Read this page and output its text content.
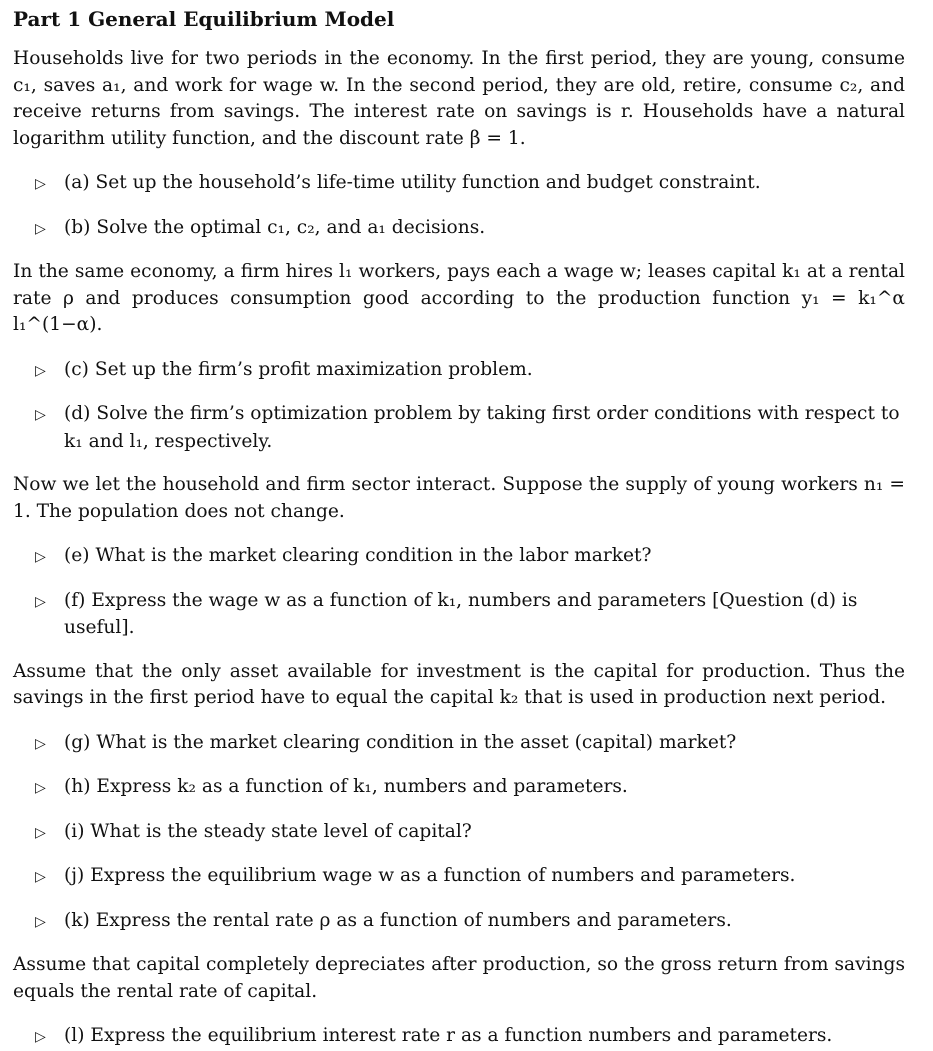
Part 1 General Equilibrium Model

Households live for two periods in the economy. In the first period, they are young, consume c₁, saves a₁, and work for wage w. In the second period, they are old, retire, consume c₂, and receive returns from savings. The interest rate on savings is r. Households have a natural logarithm utility function, and the discount rate β = 1.

▷ (a) Set up the household’s life-time utility function and budget constraint.
▷ (b) Solve the optimal c₁, c₂, and a₁ decisions.

In the same economy, a firm hires l₁ workers, pays each a wage w; leases capital k₁ at a rental rate ρ and produces consumption good according to the production function y₁ = k₁^α l₁^(1−α).

▷ (c) Set up the firm’s profit maximization problem.
▷ (d) Solve the firm’s optimization problem by taking first order conditions with respect to k₁ and l₁, respectively.

Now we let the household and firm sector interact. Suppose the supply of young workers n₁ = 1. The population does not change.

▷ (e) What is the market clearing condition in the labor market?
▷ (f) Express the wage w as a function of k₁, numbers and parameters [Question (d) is useful].

Assume that the only asset available for investment is the capital for production. Thus the savings in the first period have to equal the capital k₂ that is used in production next period.

▷ (g) What is the market clearing condition in the asset (capital) market?
▷ (h) Express k₂ as a function of k₁, numbers and parameters.
▷ (i) What is the steady state level of capital?
▷ (j) Express the equilibrium wage w as a function of numbers and parameters.
▷ (k) Express the rental rate ρ as a function of numbers and parameters.

Assume that capital completely depreciates after production, so the gross return from savings equals the rental rate of capital.

▷ (l) Express the equilibrium interest rate r as a function numbers and parameters.
